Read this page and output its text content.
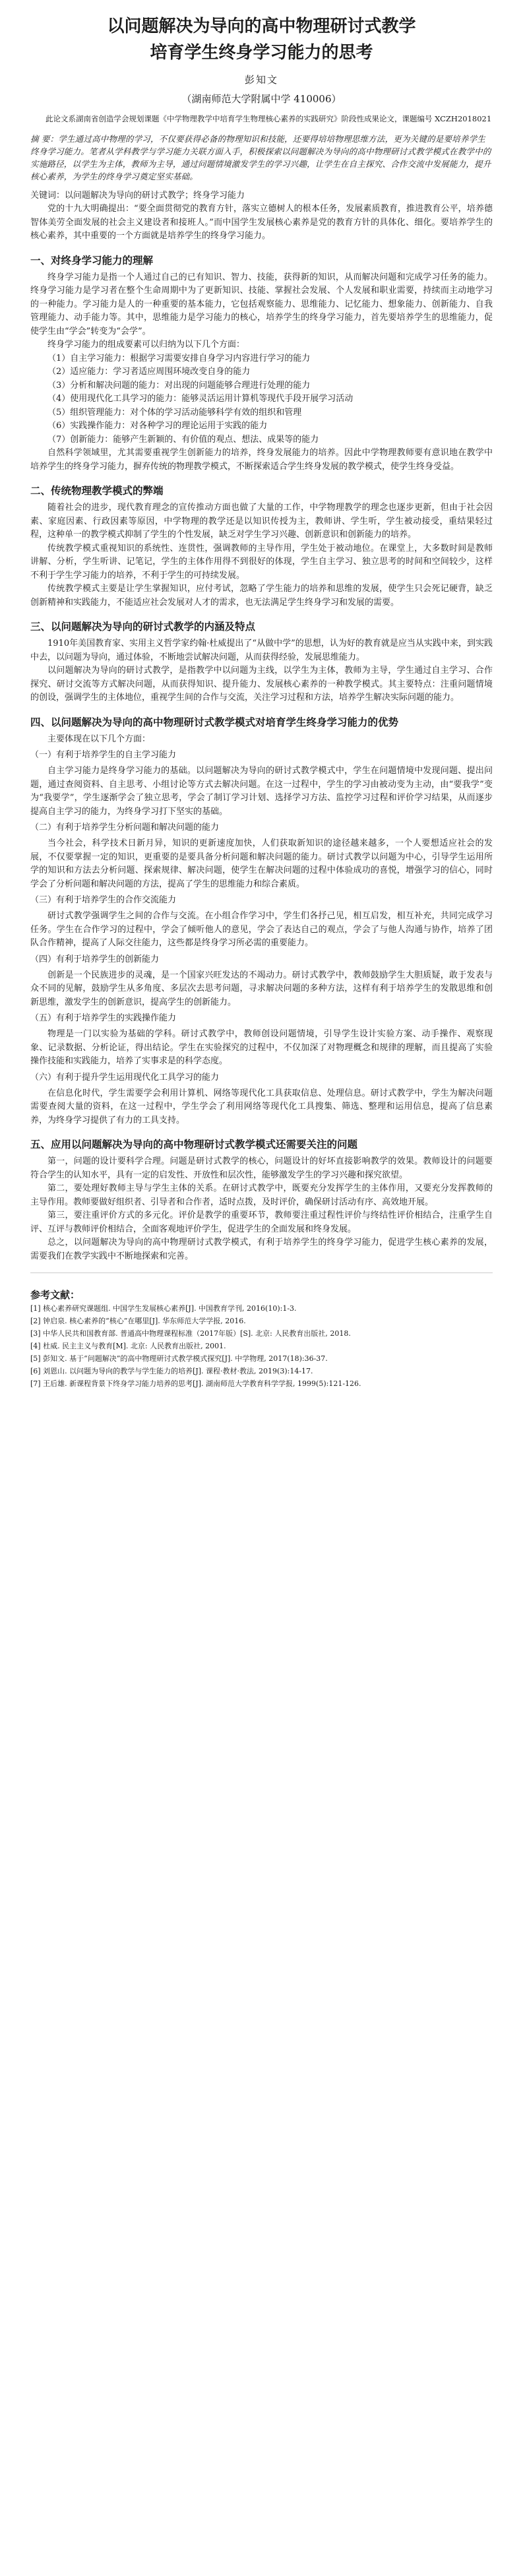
以问题解决为导向的高中物理研讨式教学
培育学生终身学习能力的思考
彭知文
（湖南师范大学附属中学 410006）
此论文系湖南省创造学会规划课题《中学物理教学中培育学生物理核心素养的实践研究》阶段性成果论文，课题编号 XCZH2018021
摘 要：学生通过高中物理的学习，不仅要获得必备的物理知识和技能，还要得培培物理思维方法，更为关键的是要培养学生终身学习能力。笔者从学科教学与学习能力关联方面入手，积极探索以问题解决为导向的高中物理研讨式教学模式在教学中的实施路径，以学生为主体，教师为主导，通过问题情境激发学生的学习兴趣，让学生在自主探究、合作交流中发展能力，提升核心素养，为学生的终身学习奠定坚实基础。
关键词：以问题解决为导向的研讨式教学；终身学习能力

党的十九大明确提出：“要全面贯彻党的教育方针，落实立德树人的根本任务，发展素质教育，推进教育公平，培养德智体美劳全面发展的社会主义建设者和接班人。”而中国学生发展核心素养是党的教育方针的具体化、细化。要培养学生的核心素养，其中重要的一个方面就是培养学生的终身学习能力。

一、对终身学习能力的理解

终身学习能力是指一个人通过自己的已有知识、智力、技能，获得新的知识，从而解决问题和完成学习任务的能力。终身学习能力是学习者在整个生命周期中为了更新知识、技能、掌握社会发展、个人发展和职业需要，持续而主动地学习的一种能力。学习能力是人的一种重要的基本能力，它包括观察能力、思维能力、记忆能力、想象能力、创新能力、自我管理能力、动手能力等。其中，思维能力是学习能力的核心，培养学生的终身学习能力，首先要培养学生的思维能力，促使学生由“学会”转变为“会学”。

终身学习能力的组成要素可以归纳为以下几个方面：

（1）自主学习能力：根据学习需要安排自身学习内容进行学习的能力

（2）适应能力：学习者适应周围环境改变自身的能力

（3）分析和解决问题的能力：对出现的问题能够合理进行处理的能力

（4）使用现代化工具学习的能力：能够灵活运用计算机等现代手段开展学习活动

（5）组织管理能力：对个体的学习活动能够科学有效的组织和管理

（6）实践操作能力：对各种学习的理论运用于实践的能力

（7）创新能力：能够产生新颖的、有价值的观点、想法、成果等的能力

自然科学领域里，尤其需要重视学生创新能力的培养，终身发展能力的培养。因此中学物理教师要有意识地在教学中培养学生的终身学习能力，摒弃传统的物理教学模式，不断探索适合学生终身发展的教学模式，使学生终身受益。

二、传统物理教学模式的弊端

随着社会的进步，现代教育理念的宣传推动方面也做了大量的工作，中学物理教学的理念也逐步更新，但由于社会因素、家庭因素、行政因素等原因，中学物理的教学还是以知识传授为主，教师讲、学生听，学生被动接受，重结果轻过程，这种单一的教学模式抑制了学生的个性发展，缺乏对学生学习兴趣、创新意识和创新能力的培养。

传统教学模式重视知识的系统性、连贯性，强调教师的主导作用，学生处于被动地位。在课堂上，大多数时间是教师讲解、分析，学生听讲、记笔记，学生的主体作用得不到很好的体现，学生自主学习、独立思考的时间和空间较少，这样不利于学生学习能力的培养，不利于学生的可持续发展。

传统教学模式主要是让学生掌握知识，应付考试，忽略了学生能力的培养和思维的发展，使学生只会死记硬背，缺乏创新精神和实践能力，不能适应社会发展对人才的需求，也无法满足学生终身学习和发展的需要。

三、以问题解决为导向的研讨式教学的内涵及特点

1910年美国教育家、实用主义哲学家约翰·杜威提出了“从做中学”的思想，认为好的教育就是应当从实践中来，到实践中去，以问题为导向，通过体验，不断地尝试解决问题，从而获得经验，发展思维能力。

以问题解决为导向的研讨式教学，是指教学中以问题为主线，以学生为主体，教师为主导，学生通过自主学习、合作探究、研讨交流等方式解决问题，从而获得知识、提升能力、发展核心素养的一种教学模式。其主要特点：注重问题情境的创设，强调学生的主体地位，重视学生间的合作与交流，关注学习过程和方法，培养学生解决实际问题的能力。

四、以问题解决为导向的高中物理研讨式教学模式对培育学生终身学习能力的优势

主要体现在以下几个方面：

（一）有利于培养学生的自主学习能力

自主学习能力是终身学习能力的基础。以问题解决为导向的研讨式教学模式中，学生在问题情境中发现问题、提出问题，通过查阅资料、自主思考、小组讨论等方式去解决问题。在这一过程中，学生的学习由被动变为主动，由“要我学”变为“我要学”，学生逐渐学会了独立思考，学会了制订学习计划、选择学习方法、监控学习过程和评价学习结果，从而逐步提高自主学习的能力，为终身学习打下坚实的基础。

（二）有利于培养学生分析问题和解决问题的能力

当今社会，科学技术日新月异，知识的更新速度加快，人们获取新知识的途径越来越多，一个人要想适应社会的发展，不仅要掌握一定的知识，更重要的是要具备分析问题和解决问题的能力。研讨式教学以问题为中心，引导学生运用所学的知识和方法去分析问题、探索规律、解决问题，使学生在解决问题的过程中体验成功的喜悦，增强学习的信心，同时学会了分析问题和解决问题的方法，提高了学生的思维能力和综合素质。

（三）有利于培养学生的合作交流能力

研讨式教学强调学生之间的合作与交流。在小组合作学习中，学生们各抒己见，相互启发，相互补充，共同完成学习任务。学生在合作学习的过程中，学会了倾听他人的意见，学会了表达自己的观点，学会了与他人沟通与协作，培养了团队合作精神，提高了人际交往能力，这些都是终身学习所必需的重要能力。

（四）有利于培养学生的创新能力

创新是一个民族进步的灵魂，是一个国家兴旺发达的不竭动力。研讨式教学中，教师鼓励学生大胆质疑，敢于发表与众不同的见解，鼓励学生从多角度、多层次去思考问题，寻求解决问题的多种方法，这样有利于培养学生的发散思维和创新思维，激发学生的创新意识，提高学生的创新能力。

（五）有利于培养学生的实践操作能力

物理是一门以实验为基础的学科。研讨式教学中，教师创设问题情境，引导学生设计实验方案、动手操作、观察现象、记录数据、分析论证，得出结论。学生在实验探究的过程中，不仅加深了对物理概念和规律的理解，而且提高了实验操作技能和实践能力，培养了实事求是的科学态度。

（六）有利于提升学生运用现代化工具学习的能力

在信息化时代，学生需要学会利用计算机、网络等现代化工具获取信息、处理信息。研讨式教学中，学生为解决问题需要查阅大量的资料，在这一过程中，学生学会了利用网络等现代化工具搜集、筛选、整理和运用信息，提高了信息素养，为终身学习提供了有力的工具支持。

五、应用以问题解决为导向的高中物理研讨式教学模式还需要关注的问题

第一，问题的设计要科学合理。问题是研讨式教学的核心，问题设计的好坏直接影响教学的效果。教师设计的问题要符合学生的认知水平，具有一定的启发性、开放性和层次性，能够激发学生的学习兴趣和探究欲望。

第二，要处理好教师主导与学生主体的关系。在研讨式教学中，既要充分发挥学生的主体作用，又要充分发挥教师的主导作用。教师要做好组织者、引导者和合作者，适时点拨，及时评价，确保研讨活动有序、高效地开展。

第三，要注重评价方式的多元化。评价是教学的重要环节，教师要注重过程性评价与终结性评价相结合，注重学生自评、互评与教师评价相结合，全面客观地评价学生，促进学生的全面发展和终身发展。

总之，以问题解决为导向的高中物理研讨式教学模式，有利于培养学生的终身学习能力，促进学生核心素养的发展，需要我们在教学实践中不断地探索和完善。

参考文献：
[1] 核心素养研究课题组. 中国学生发展核心素养[J]. 中国教育学刊, 2016(10):1-3.
[2] 钟启泉. 核心素养的“核心”在哪里[J]. 华东师范大学学报, 2016.
[3] 中华人民共和国教育部. 普通高中物理课程标准（2017年版）[S]. 北京: 人民教育出版社, 2018.
[4] 杜威. 民主主义与教育[M]. 北京: 人民教育出版社, 2001.
[5] 彭知文. 基于“问题解决”的高中物理研讨式教学模式探究[J]. 中学物理, 2017(18):36-37.
[6] 刘恩山. 以问题为导向的教学与学生能力的培养[J]. 课程·教材·教法, 2019(3):14-17.
[7] 王后雄. 新课程背景下终身学习能力培养的思考[J]. 湖南师范大学教育科学学报, 1999(5):121-126.
